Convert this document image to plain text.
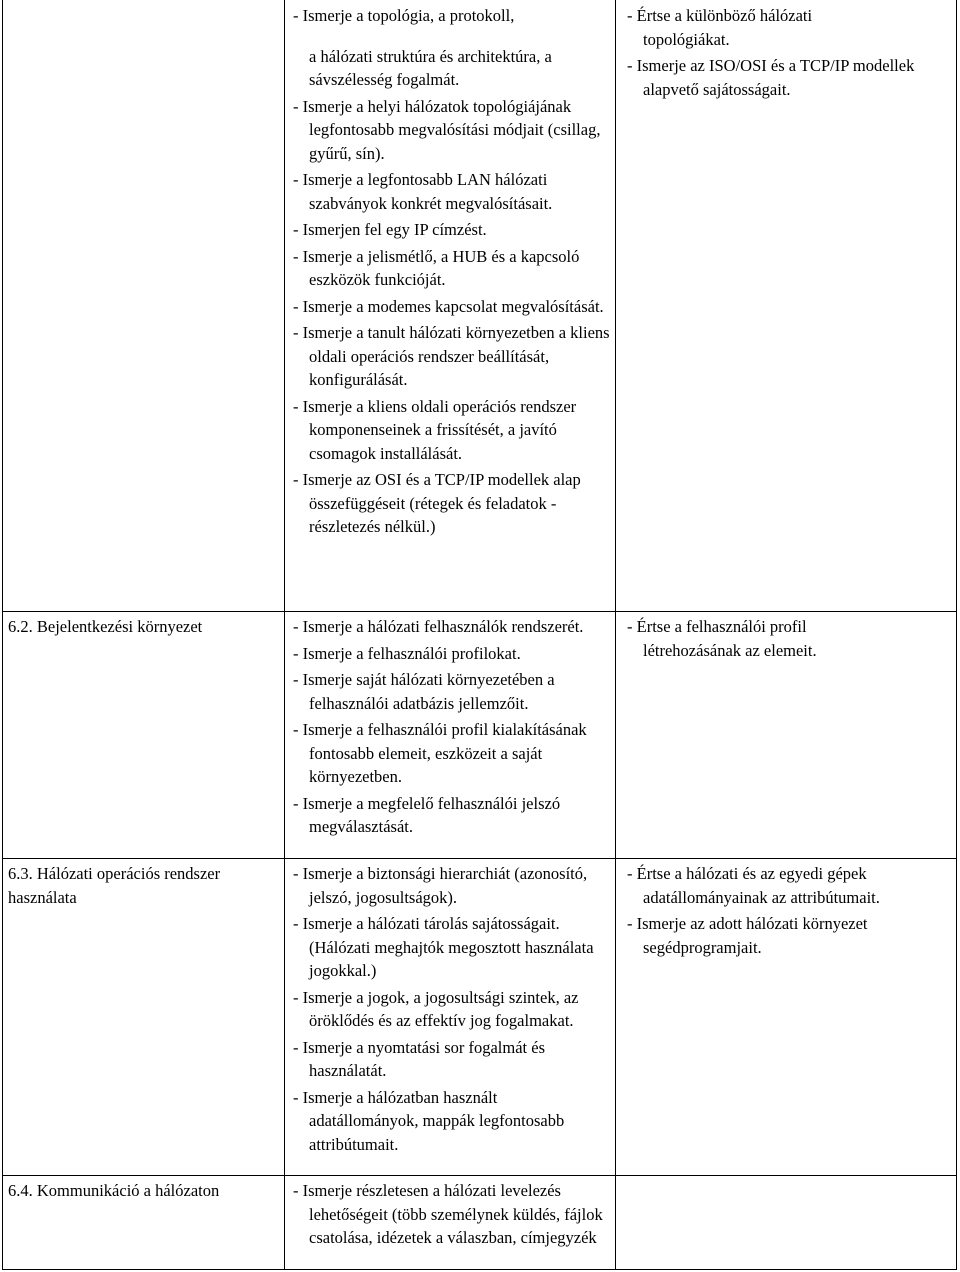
- Ismerje a topológia, a protokoll,
a hálózati struktúra és architektúra, a sávszélesség fogalmát.
- Ismerje a helyi hálózatok topológiájának legfontosabb megvalósítási módjait (csillag, gyűrű, sín).
- Ismerje a legfontosabb LAN hálózati szabványok konkrét megvalósításait.
- Ismerjen fel egy IP címzést.
- Ismerje a jelismétlő, a HUB és a kapcsoló eszközök funkcióját.
- Ismerje a modemes kapcsolat megvalósítását.
- Ismerje a tanult hálózati környezetben a kliens oldali operációs rendszer beállítását, konfigurálását.
- Ismerje a kliens oldali operációs rendszer komponenseinek a frissítését, a javító csomagok installálását.
- Ismerje az OSI és a TCP/IP modellek alap összefüggéseit (rétegek és feladatok - részletezés nélkül.)
- Értse a különböző hálózati topológiákat.
- Ismerje az ISO/OSI és a TCP/IP modellek alapvető sajátosságait.
6.2. Bejelentkezési környezet	- Ismerje a hálózati felhasználók rendszerét.
- Ismerje a felhasználói profilokat.
- Ismerje saját hálózati környezetében a felhasználói adatbázis jellemzőit.
- Ismerje a felhasználói profil kialakításának fontosabb elemeit, eszközeit a saját környezetben.
- Ismerje a megfelelő felhasználói jelszó megválasztását.
- Értse a felhasználói profil létrehozásának az elemeit.
6.3. Hálózati operációs rendszer használata
- Ismerje a biztonsági hierarchiát (azonosító, jelszó, jogosultságok).
- Ismerje a hálózati tárolás sajátosságait. (Hálózati meghajtók megosztott használata jogokkal.)
- Ismerje a jogok, a jogosultsági szintek, az öröklődés és az effektív jog fogalmakat.
- Ismerje a nyomtatási sor fogalmát és használatát.
- Ismerje a hálózatban használt adatállományok, mappák legfontosabb attribútumait.
- Értse a hálózati és az egyedi gépek adatállományainak az attribútumait.
- Ismerje az adott hálózati környezet segédprogramjait.
6.4. Kommunikáció a hálózaton	- Ismerje részletesen a hálózati levelezés lehetőségeit (több személynek küldés, fájlok csatolása, idézetek a válaszban, címjegyzék
